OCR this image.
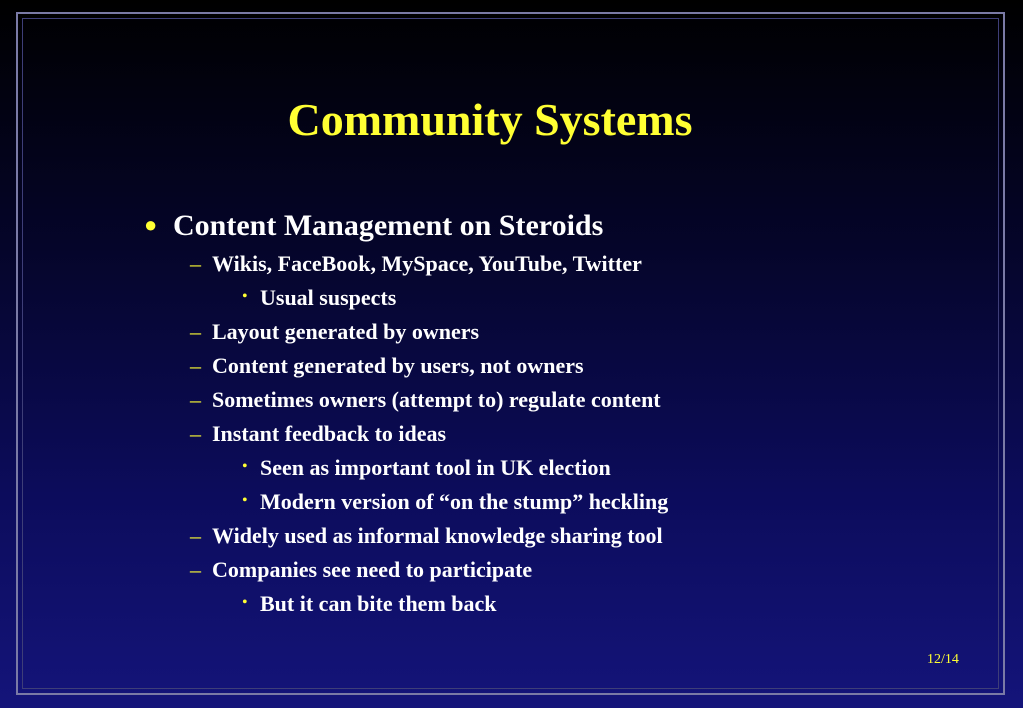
Community Systems
● Content Management on Steroids
– Wikis, FaceBook, MySpace, YouTube, Twitter
• Usual suspects
– Layout generated by owners
– Content generated by users, not owners
– Sometimes owners (attempt to) regulate content
– Instant feedback to ideas
• Seen as important tool in UK election
• Modern version of “on the stump” heckling
– Widely used as informal knowledge sharing tool
– Companies see need to participate
• But it can bite them back
12/14
